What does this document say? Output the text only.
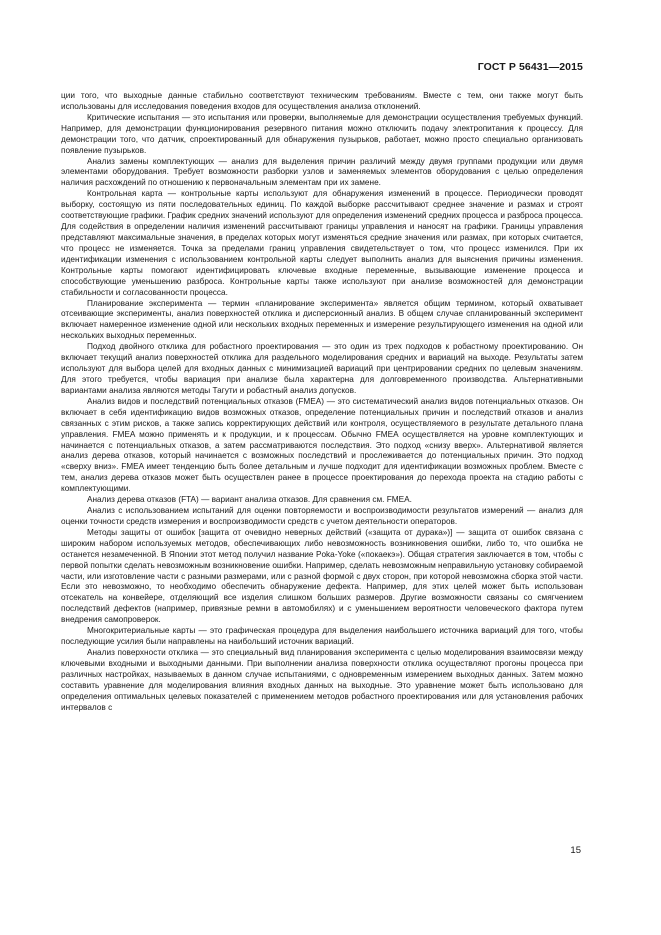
ГОСТ Р 56431—2015

ции того, что выходные данные стабильно соответствуют техническим требованиям. Вместе с тем, они также могут быть использованы для исследования поведения входов для осуществления анализа отклонений.

Критические испытания — это испытания или проверки, выполняемые для демонстрации осуществления требуемых функций. Например, для демонстрации функционирования резервного питания можно отключить подачу электропитания к процессу. Для демонстрации того, что датчик, спроектированный для обнаружения пузырьков, работает, можно просто специально организовать появление пузырьков.

Анализ замены комплектующих — анализ для выделения причин различий между двумя группами продукции или двумя элементами оборудования. Требует возможности разборки узлов и заменяемых элементов оборудования с целью определения наличия расхождений по отношению к первоначальным элементам при их замене.

Контрольная карта — контрольные карты используют для обнаружения изменений в процессе. Периодически проводят выборку, состоящую из пяти последовательных единиц. По каждой выборке рассчитывают среднее значение и размах и строят соответствующие графики. График средних значений используют для определения изменений средних процесса и разброса процесса. Для содействия в определении наличия изменений рассчитывают границы управления и наносят на графики. Границы управления представляют максимальные значения, в пределах которых могут изменяться средние значения или размах, при которых считается, что процесс не изменяется. Точка за пределами границ управления свидетельствует о том, что процесс изменился. При их идентификации изменения с использованием контрольной карты следует выполнить анализ для выяснения причины изменения. Контрольные карты помогают идентифицировать ключевые входные переменные, вызывающие изменение процесса и способствующие уменьшению разброса. Контрольные карты также используют при анализе возможностей для демонстрации стабильности и согласованности процесса.

Планирование эксперимента — термин «планирование эксперимента» является общим термином, который охватывает отсеивающие эксперименты, анализ поверхностей отклика и дисперсионный анализ. В общем случае спланированный эксперимент включает намеренное изменение одной или нескольких входных переменных и измерение результирующего изменения на одной или нескольких выходных переменных.

Подход двойного отклика для робастного проектирования — это один из трех подходов к робастному проектированию. Он включает текущий анализ поверхностей отклика для раздельного моделирования средних и вариаций на выходе. Результаты затем используют для выбора целей для входных данных с минимизацией вариаций при центрировании средних по целевым значениям. Для этого требуется, чтобы вариация при анализе была характерна для долговременного производства. Альтернативными вариантами анализа являются методы Тагути и робастный анализ допусков.

Анализ видов и последствий потенциальных отказов (FMEA) — это систематический анализ видов потенциальных отказов. Он включает в себя идентификацию видов возможных отказов, определение потенциальных причин и последствий отказов и анализ связанных с этим рисков, а также запись корректирующих действий или контроля, осуществляемого в результате детального плана управления. FMEA можно применять и к продукции, и к процессам. Обычно FMEA осуществляется на уровне комплектующих и начинается с потенциальных отказов, а затем рассматриваются последствия. Это подход «снизу вверх». Альтернативой является анализ дерева отказов, который начинается с возможных последствий и прослеживается до потенциальных причин. Это подход «сверху вниз». FMEA имеет тенденцию быть более детальным и лучше подходит для идентификации возможных проблем. Вместе с тем, анализ дерева отказов может быть осуществлен ранее в процессе проектирования до перехода проекта на стадию работы с комплектующими.

Анализ дерева отказов (FTA) — вариант анализа отказов. Для сравнения см. FMEA.

Анализ с использованием испытаний для оценки повторяемости и воспроизводимости результатов измерений — анализ для оценки точности средств измерения и воспроизводимости средств с учетом деятельности операторов.

Методы защиты от ошибок [защита от очевидно неверных действий («защита от дурака»)] — защита от ошибок связана с широким набором используемых методов, обеспечивающих либо невозможность возникновения ошибки, либо то, что ошибка не останется незамеченной. В Японии этот метод получил название Poka-Yoke («покаекэ»). Общая стратегия заключается в том, чтобы с первой попытки сделать невозможным возникновение ошибки. Например, сделать невозможным неправильную установку собираемой части, или изготовление части с разными размерами, или с разной формой с двух сторон, при которой невозможна сборка этой части. Если это невозможно, то необходимо обеспечить обнаружение дефекта. Например, для этих целей может быть использован отсекатель на конвейере, отделяющий все изделия слишком больших размеров. Другие возможности связаны со смягчением последствий дефектов (например, привязные ремни в автомобилях) и с уменьшением вероятности человеческого фактора путем внедрения самопроверок.

Многокритериальные карты — это графическая процедура для выделения наибольшего источника вариаций для того, чтобы последующие усилия были направлены на наибольший источник вариаций.

Анализ поверхности отклика — это специальный вид планирования эксперимента с целью моделирования взаимосвязи между ключевыми входными и выходными данными. При выполнении анализа поверхности отклика осуществляют прогоны процесса при различных настройках, называемых в данном случае испытаниями, с одновременным измерением выходных данных. Затем можно составить уравнение для моделирования влияния входных данных на выходные. Это уравнение может быть использовано для определения оптимальных целевых показателей с применением методов робастного проектирования или для установления рабочих интервалов с

15
